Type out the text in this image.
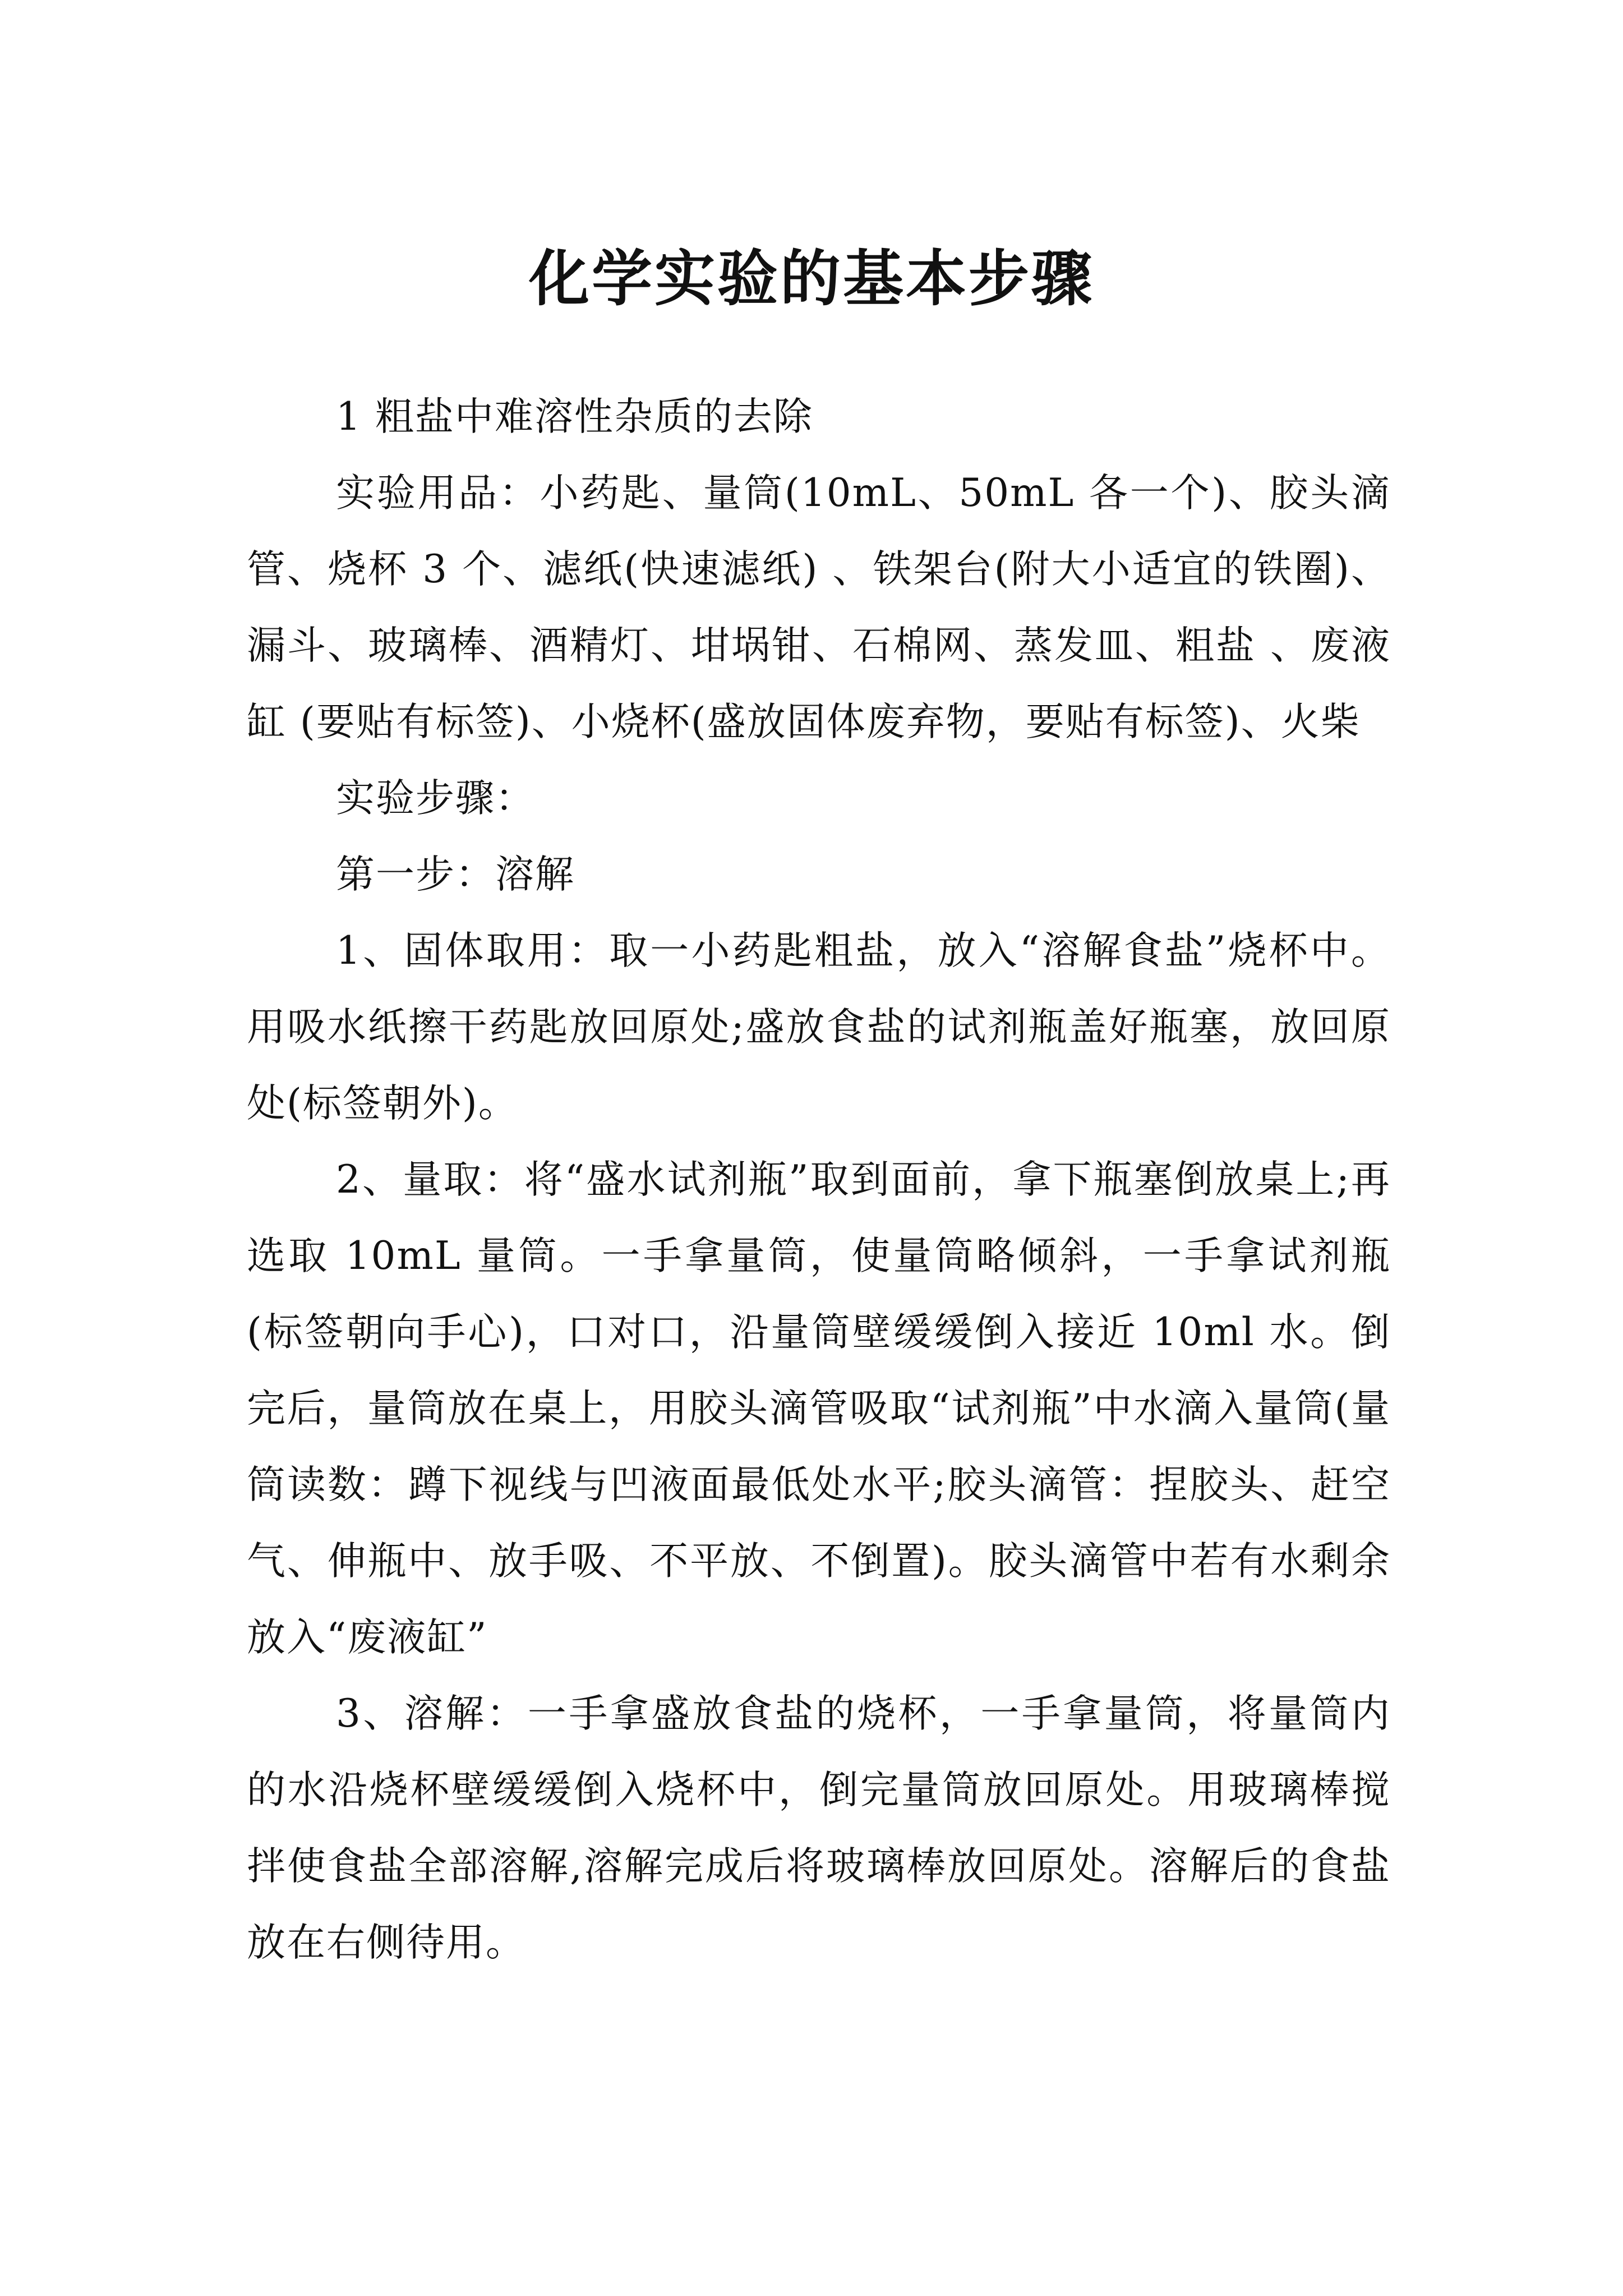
化学实验的基本步骤

1 粗盐中难溶性杂质的去除

实验用品：小药匙、量筒(10mL、50mL 各一个)、胶头滴管、烧杯 3 个、滤纸(快速滤纸) 、铁架台(附大小适宜的铁圈)、漏斗、玻璃棒、酒精灯、坩埚钳、石棉网、蒸发皿、粗盐 、废液缸 (要贴有标签)、小烧杯(盛放固体废弃物，要贴有标签)、火柴

实验步骤：

第一步：溶解

1、固体取用：取一小药匙粗盐，放入“溶解食盐”烧杯中。用吸水纸擦干药匙放回原处;盛放食盐的试剂瓶盖好瓶塞，放回原处(标签朝外)。

2、量取：将“盛水试剂瓶”取到面前，拿下瓶塞倒放桌上;再选取 10mL 量筒。一手拿量筒，使量筒略倾斜，一手拿试剂瓶(标签朝向手心)，口对口，沿量筒壁缓缓倒入接近 10ml 水。倒完后，量筒放在桌上，用胶头滴管吸取“试剂瓶”中水滴入量筒(量筒读数：蹲下视线与凹液面最低处水平;胶头滴管：捏胶头、赶空气、伸瓶中、放手吸、不平放、不倒置)。胶头滴管中若有水剩余放入“废液缸”

3、溶解：一手拿盛放食盐的烧杯，一手拿量筒，将量筒内的水沿烧杯壁缓缓倒入烧杯中，倒完量筒放回原处。用玻璃棒搅拌使食盐全部溶解,溶解完成后将玻璃棒放回原处。溶解后的食盐放在右侧待用。
